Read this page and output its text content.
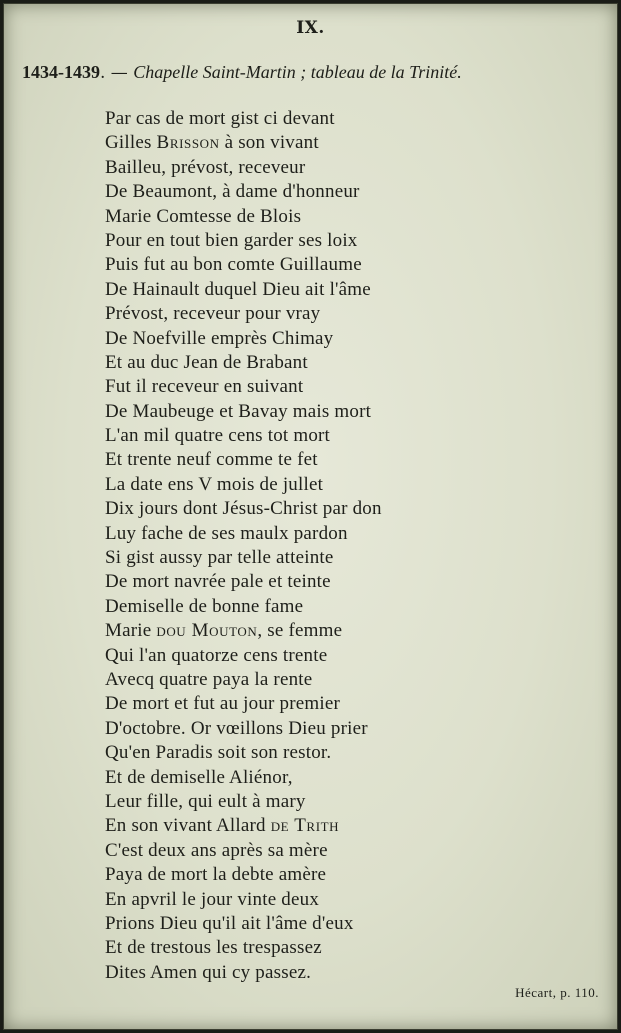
IX.
1434-1439. — Chapelle Saint-Martin ; tableau de la Trinité.
Par cas de mort gist ci devant
Gilles Brisson à son vivant
Bailleu, prévost, receveur
De Beaumont, à dame d'honneur
Marie Comtesse de Blois
Pour en tout bien garder ses loix
Puis fut au bon comte Guillaume
De Hainault duquel Dieu ait l'âme
Prévost, receveur pour vray
De Noefville emprès Chimay
Et au duc Jean de Brabant
Fut il receveur en suivant
De Maubeuge et Bavay mais mort
L'an mil quatre cens tot mort
Et trente neuf comme te fet
La date ens V mois de jullet
Dix jours dont Jésus-Christ par don
Luy fache de ses maulx pardon
Si gist aussy par telle atteinte
De mort navrée pale et teinte
Demiselle de bonne fame
Marie dou Mouton, se femme
Qui l'an quatorze cens trente
Avecq quatre paya la rente
De mort et fut au jour premier
D'octobre. Or vœillons Dieu prier
Qu'en Paradis soit son restor.
Et de demiselle Aliénor,
Leur fille, qui eult à mary
En son vivant Allard de Trith
C'est deux ans après sa mère
Paya de mort la debte amère
En apvril le jour vinte deux
Prions Dieu qu'il ait l'âme d'eux
Et de trestous les trespassez
Dites Amen qui cy passez.
Hécart, p. 110.
